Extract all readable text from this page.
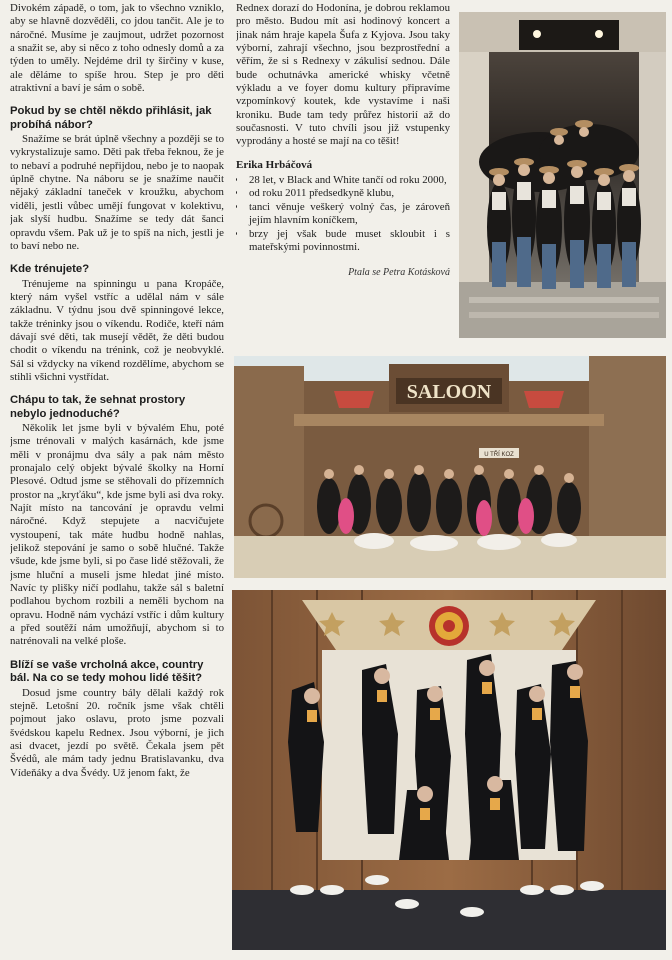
Divokém západě, o tom, jak to všechno vzniklo, aby se hlavně dozvěděli, co jdou tančit. Ale je to náročné. Musíme je zaujmout, udržet pozornost a snažit se, aby si něco z toho odnesly domů a za týden to uměly. Nejdéme dril ty širčiny v kuse, ale děláme to spíše hrou. Step je pro děti atraktivní a baví je sám o sobě.

Pokud by se chtěl někdo přihlásit, jak probíhá nábor?

Snažíme se brát úplně všechny a později se to vykrystalizuje samo. Děti pak třeba řeknou, že je to nebaví a podruhé nepřijdou, nebo je to naopak úplně chytne. Na náboru se je snažíme naučit nějaký základní taneček v kroužku, abychom viděli, jestli vůbec umějí fungovat v kolektivu, jak slyší hudbu. Snažíme se tedy dát šanci opravdu všem. Pak už je to spíš na nich, jestli je to baví nebo ne.

Kde trénujete?

Trénujeme na spinningu u pana Kropáče, který nám vyšel vstříc a udělal nám v sále základnu. V týdnu jsou dvě spinningové lekce, takže tréninky jsou o víkendu. Rodiče, kteří nám dávají své děti, tak musejí vědět, že děti budou chodit o víkendu na trénink, což je neobvyklé. Sál si vždycky na víkend rozdělíme, abychom se stihli všichni vystřídat.

Chápu to tak, že sehnat prostory nebylo jednoduché?

Několik let jsme byli v bývalém Ehu, poté jsme trénovali v malých kasárnách, kde jsme měli v pronájmu dva sály a pak nám město pronajalo celý objekt bývalé školky na Horní Plesové. Odtud jsme se stěhovali do přízemních prostor na „kryťáku“, kde jsme byli asi dva roky. Najít místo na tancování je opravdu velmi náročné. Když stepujete a nacvičujete vystoupení, tak máte hudbu hodně nahlas, jelikož stepování je samo o sobě hlučné. Takže všude, kde jsme byli, si po čase lidé stěžovali, že jsme hluční a museli jsme hledat jiné místo. Navíc ty plišky ničí podlahu, takže sál s baletní podlahou bychom rozbili a neměli bychom na opravu. Hodně nám vychází vstříc i dům kultury a před soutěží nám umožňují, abychom si to natrénovali na velké ploše.

Blíží se vaše vrcholná akce, country bál. Na co se tedy mohou lidé těšit?

Dosud jsme country bály dělali každý rok stejně. Letošní 20. ročník jsme však chtěli pojmout jako oslavu, proto jsme pozvali švédskou kapelu Rednex. Jsou výborní, je jich asi dvacet, jezdí po světě. Čekala jsem pět Švédů, ale mám tady jednu Bratislavanku, dva Vídeňáky a dva Švédy. Už jenom fakt, že

Rednex dorazí do Hodonína, je dobrou reklamou pro město. Budou mít asi hodinový koncert a jinak nám hraje kapela Šufa z Kyjova. Jsou taky výborní, zahrají všechno, jsou bezprostřední a věřím, že si s Rednexy v zákulisí sednou. Dále bude ochutnávka americké whisky včetně výkladu a ve foyer domu kultury připravíme vzpomínkový koutek, kde vystavíme i naši kroniku. Bude tam tedy průřez historií až do současnosti. V tuto chvíli jsou již vstupenky vyprodány a hosté se mají na co těšit!

Erika Hrbáčová
• 28 let, v Black and White tančí od roku 2000,
• od roku 2011 předsedkyně klubu,
• tanci věnuje veškerý volný čas, je zároveň jejím hlavním koníčkem,
• brzy jej však bude muset skloubit i s mateřskými povinnostmi.
Ptala se Petra Kotásková
SALOON
U TŘÍ KOZ
